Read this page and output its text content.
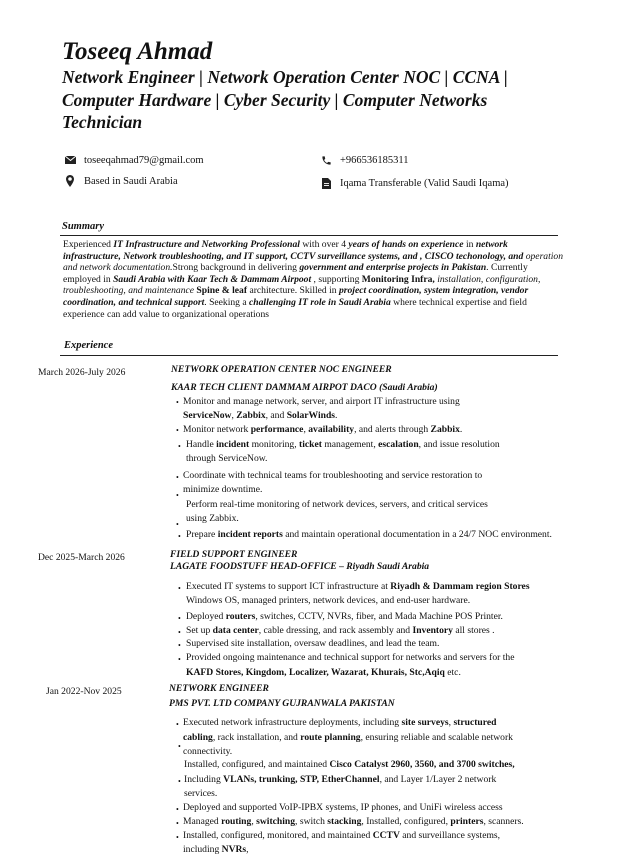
Toseeq Ahmad
Network Engineer | Network Operation Center NOC | CCNA |
Computer Hardware | Cyber Security | Computer Networks
Technician
toseeqahmad79@gmail.com	+966536185311
Based in Saudi Arabia	Iqama Transferable (Valid Saudi Iqama)
Summary
Experienced IT Infrastructure and Networking Professional with over 4 years of hands on experience in network infrastructure, Network troubleshooting, and IT support, CCTV surveillance systems, and , CISCO techonology, and operation and network documentation.Strong background in delivering government and enterprise projects in Pakistan. Currently employed in Saudi Arabia with Kaar Tech & Dammam Airpoot , supporting Monitoring Infra, installation, configuration, troubleshooting, and maintenance Spine & leaf architecture. Skilled in project coordination, system integration, vendor coordination, and technical support. Seeking a challenging IT role in Saudi Arabia where technical expertise and field experience can add value to organizational operations
Experience
March 2026-July 2026	NETWORK OPERATION CENTER NOC ENGINEER
KAAR TECH CLIENT DAMMAM AIRPOT DACO (Saudi Arabia)
• Monitor and manage network, server, and airport IT infrastructure using
ServiceNow, Zabbix, and SolarWinds.
• Monitor network performance, availability, and alerts through Zabbix.
• Handle incident monitoring, ticket management, escalation, and issue resolution
through ServiceNow.
• Coordinate with technical teams for troubleshooting and service restoration to
minimize downtime.
•
Perform real-time monitoring of network devices, servers, and critical services
using Zabbix.
•
• Prepare incident reports and maintain operational documentation in a 24/7 NOC environment.
Dec 2025-March 2026	FIELD SUPPORT ENGINEER
LAGATE FOODSTUFF HEAD-OFFICE – Riyadh Saudi Arabia
• Executed IT systems to support ICT infrastructure at Riyadh & Dammam region Stores
Windows OS, managed printers, network devices, and end-user hardware.
• Deployed routers, switches, CCTV, NVRs, fiber, and Mada Machine POS Printer.
• Set up data center, cable dressing, and rack assembly and Inventory all stores .
• Supervised site installation, oversaw deadlines, and lead the team.
• Provided ongoing maintenance and technical support for networks and servers for the
KAFD Stores, Kingdom, Localizer, Wazarat, Khurais, Stc,Aqiq etc.
Jan 2022-Nov 2025	NETWORK ENGINEER
PMS PVT. LTD COMPANY GUJRANWALA PAKISTAN
• Executed network infrastructure deployments, including site surveys, structured
cabling, rack installation, and route planning, ensuring reliable and scalable network
• connectivity.
Installed, configured, and maintained Cisco Catalyst 2960, 3560, and 3700 switches,
• Including VLANs, trunking, STP, EtherChannel, and Layer 1/Layer 2 network
services.
• Deployed and supported VoIP-IPBX systems, IP phones, and UniFi wireless access
• Managed routing, switching, switch stacking, Installed, configured, printers, scanners.
• Installed, configured, monitored, and maintained CCTV and surveillance systems,
including NVRs,
